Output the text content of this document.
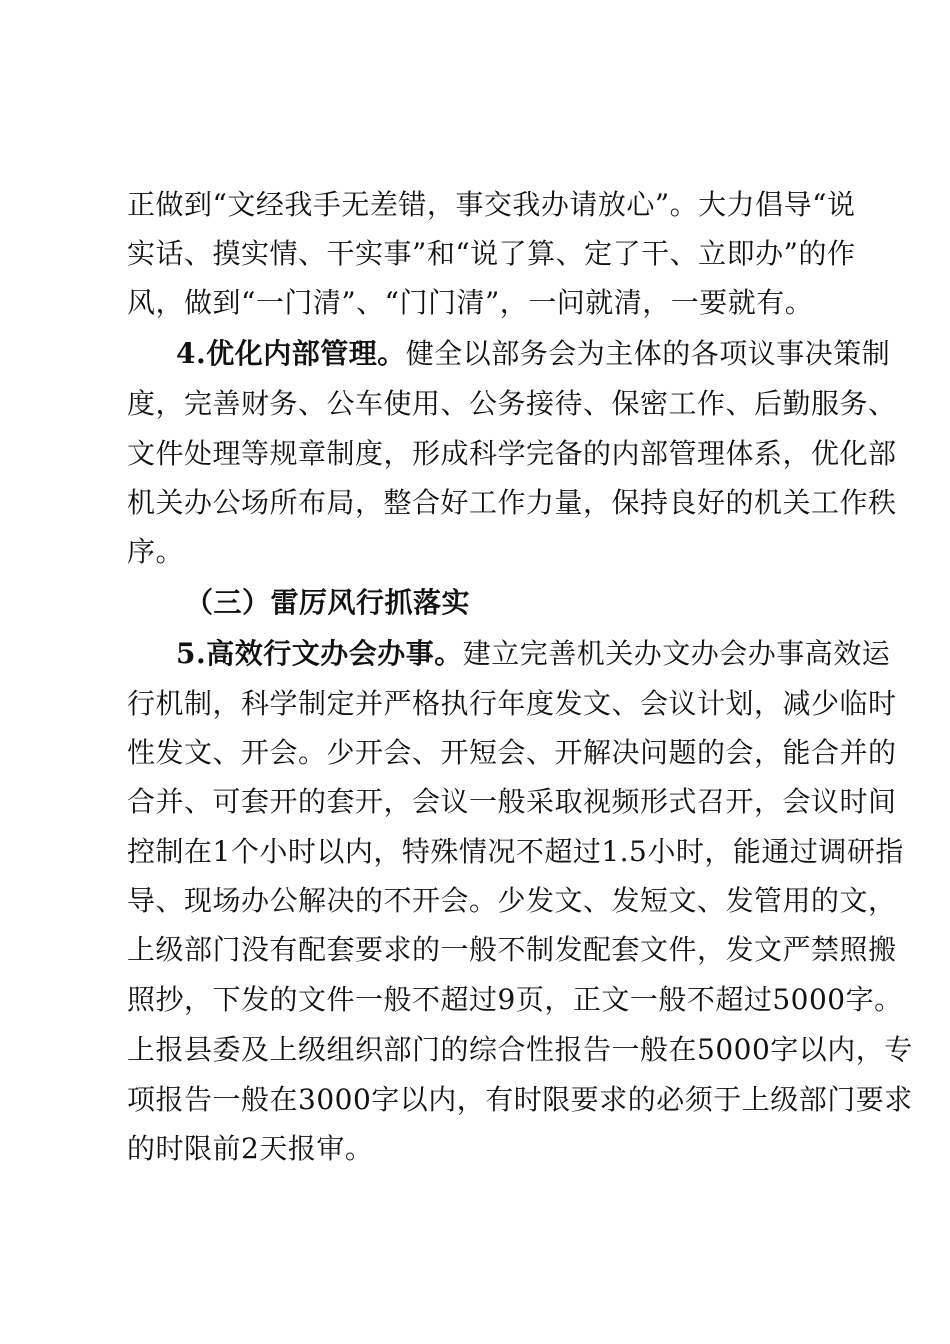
正做到“文经我手无差错，事交我办请放心”。大力倡导“说
实话、摸实情、干实事”和“说了算、定了干、立即办”的作
风，做到“一门清”、“门门清”，一问就清，一要就有。
4.优化内部管理。健全以部务会为主体的各项议事决策制
度，完善财务、公车使用、公务接待、保密工作、后勤服务、
文件处理等规章制度，形成科学完备的内部管理体系，优化部
机关办公场所布局，整合好工作力量，保持良好的机关工作秩
序。
（三）雷厉风行抓落实
5.高效行文办会办事。建立完善机关办文办会办事高效运
行机制，科学制定并严格执行年度发文、会议计划，减少临时
性发文、开会。少开会、开短会、开解决问题的会，能合并的
合并、可套开的套开，会议一般采取视频形式召开，会议时间
控制在1个小时以内，特殊情况不超过1.5小时，能通过调研指
导、现场办公解决的不开会。少发文、发短文、发管用的文，
上级部门没有配套要求的一般不制发配套文件，发文严禁照搬
照抄，下发的文件一般不超过9页，正文一般不超过5000字。
上报县委及上级组织部门的综合性报告一般在5000字以内，专
项报告一般在3000字以内，有时限要求的必须于上级部门要求
的时限前2天报审。
